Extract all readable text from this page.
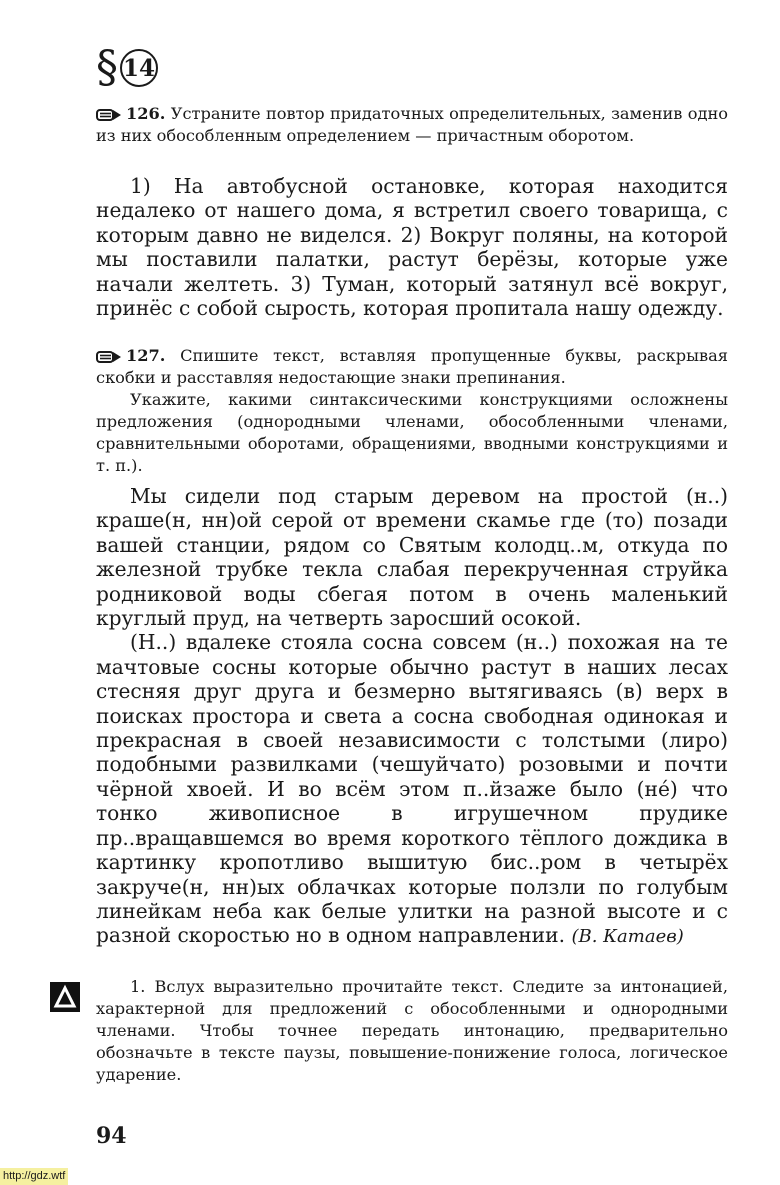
§ 14
126. Устраните повтор придаточных определительных, заменив одно из них обособленным определением — причастным оборотом.

1) На автобусной остановке, которая находится недалеко от нашего дома, я встретил своего товарища, с которым давно не виделся. 2) Вокруг поляны, на которой мы поставили палатки, растут берёзы, которые уже начали желтеть. 3) Туман, который затянул всё вокруг, принёс с собой сырость, которая пропитала нашу одежду.

127. Спишите текст, вставляя пропущенные буквы, раскрывая скобки и расставляя недостающие знаки препинания.

Укажите, какими синтаксическими конструкциями осложнены предложения (однородными членами, обособленными членами, сравнительными оборотами, обращениями, вводными конструкциями и т. п.).

Мы сидели под старым деревом на простой (н..) краше(н, нн)ой серой от времени скамье где (то) позади вашей станции, рядом со Святым колодц..м, откуда по железной трубке текла слабая перекрученная струйка родниковой воды сбегая потом в очень маленький круглый пруд, на четверть заросший осокой.

(Н..) вдалеке стояла сосна совсем (н..) похожая на те мачтовые сосны которые обычно растут в наших лесах стесняя друг друга и безмерно вытягиваясь (в) верх в поисках простора и света а сосна свободная одинокая и прекрасная в своей независимости с толстыми (лиро) подобными развилками (чешуйчато) розовыми и почти чёрной хвоей. И во всём этом п..йзаже было (не́) что тонко живописное в игрушечном прудике пр..вращавшемся во время короткого тёплого дождика в картинку кропотливо вышитую бис..ром в четырёх закруче(н, нн)ых облачках которые ползли по голубым линейкам неба как белые улитки на разной высоте и с разной скоростью но в одном направлении. (В. Катаев)

1. Вслух выразительно прочитайте текст. Следите за интонацией, характерной для предложений с обособленными и однородными членами. Чтобы точнее передать интонацию, предварительно обозначьте в тексте паузы, повышение-понижение голоса, логическое ударение.

94
http://gdz.wtf
